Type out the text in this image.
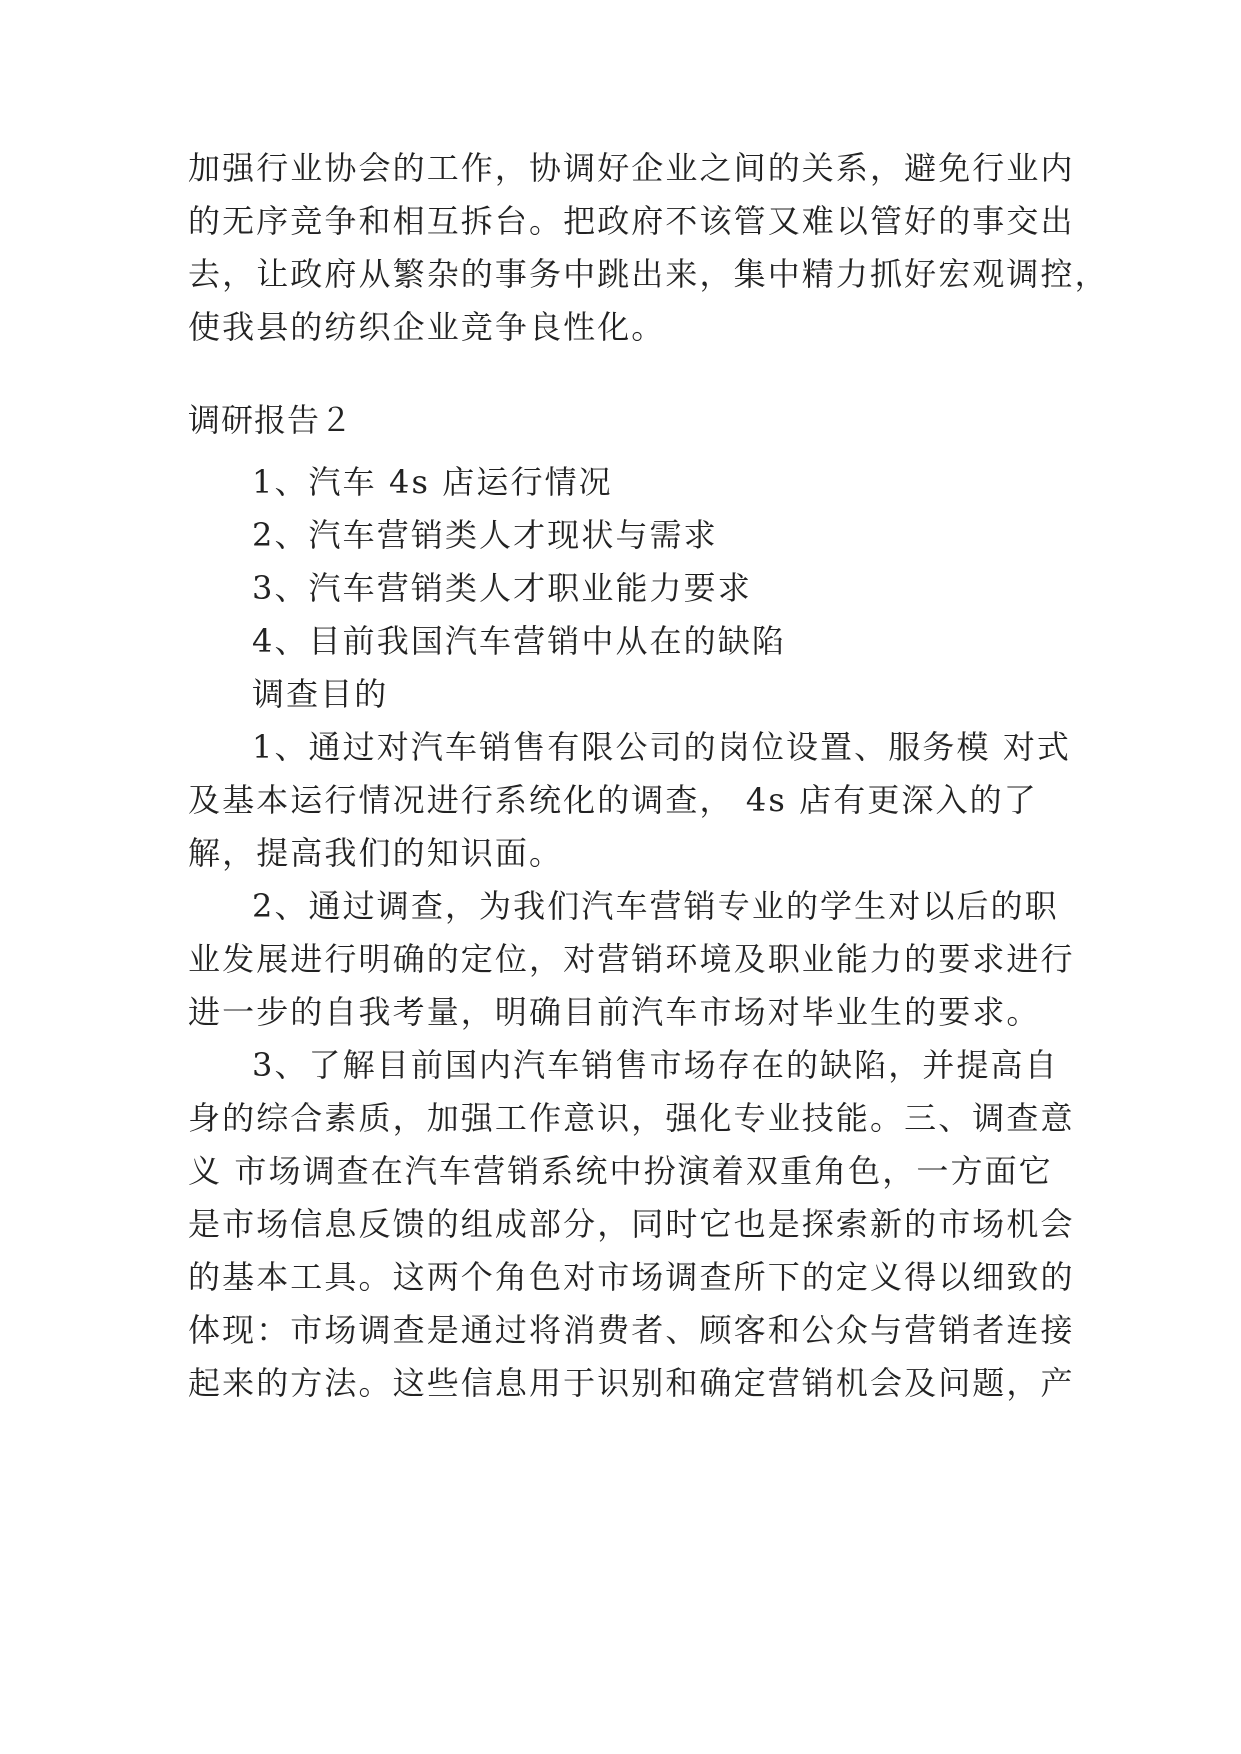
加强行业协会的工作，协调好企业之间的关系，避免行业内
的无序竞争和相互拆台。把政府不该管又难以管好的事交出
去，让政府从繁杂的事务中跳出来，集中精力抓好宏观调控，
使我县的纺织企业竞争良性化。
调研报告２
1、汽车 4s 店运行情况
2、汽车营销类人才现状与需求
3、汽车营销类人才职业能力要求
4、目前我国汽车营销中从在的缺陷
调查目的
1、通过对汽车销售有限公司的岗位设置、服务模 对式
及基本运行情况进行系统化的调查， 4s 店有更深入的了
解，提高我们的知识面。
2、通过调查，为我们汽车营销专业的学生对以后的职
业发展进行明确的定位，对营销环境及职业能力的要求进行
进一步的自我考量，明确目前汽车市场对毕业生的要求。
3、了解目前国内汽车销售市场存在的缺陷，并提高自
身的综合素质，加强工作意识，强化专业技能。三、调查意
义 市场调查在汽车营销系统中扮演着双重角色，一方面它
是市场信息反馈的组成部分，同时它也是探索新的市场机会
的基本工具。这两个角色对市场调查所下的定义得以细致的
体现：市场调查是通过将消费者、顾客和公众与营销者连接
起来的方法。这些信息用于识别和确定营销机会及问题，产
